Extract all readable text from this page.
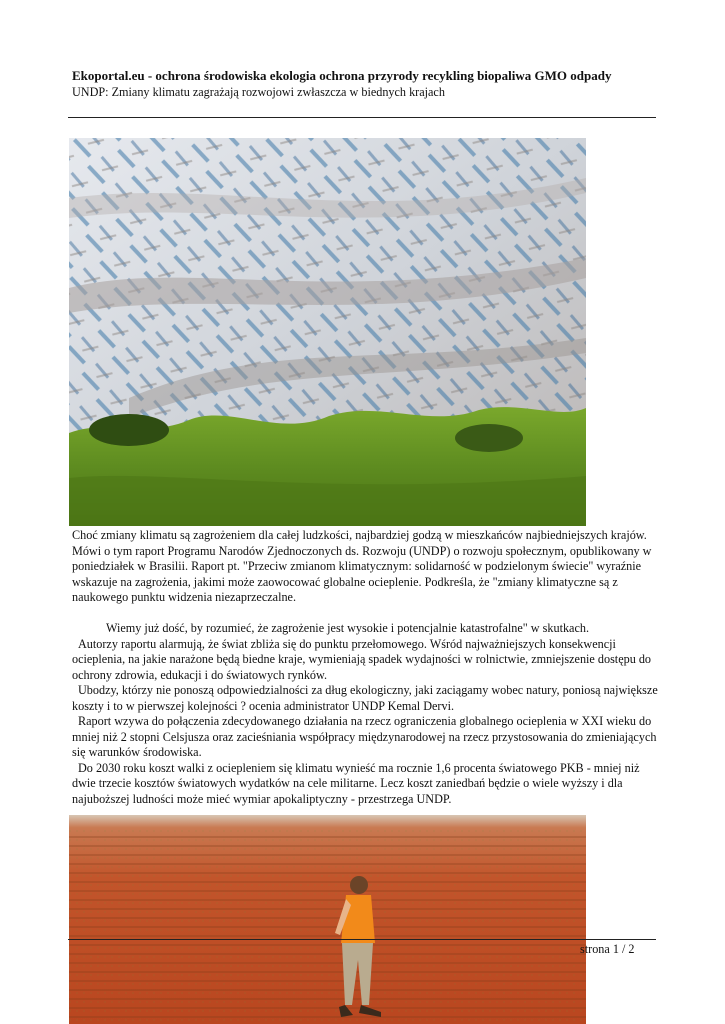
Ekoportal.eu - ochrona środowiska ekologia ochrona przyrody recykling biopaliwa GMO odpady
UNDP: Zmiany klimatu zagrażają rozwojowi zwłaszcza w biednych krajach

Choć zmiany klimatu są zagrożeniem dla całej ludzkości, najbardziej godzą w mieszkańców najbiedniejszych krajów. Mówi o tym raport Programu Narodów Zjednoczonych ds. Rozwoju (UNDP) o rozwoju społecznym, opublikowany w poniedziałek w Brasilii. Raport pt. "Przeciw zmianom klimatycznym: solidarność w podzielonym świecie" wyraźnie wskazuje na zagrożenia, jakimi może zaowocować globalne ocieplenie. Podkreśla, że "zmiany klimatyczne są z naukowego punktu widzenia niezaprzeczalne.

Wiemy już dość, by rozumieć, że zagrożenie jest wysokie i potencjalnie katastrofalne" w skutkach.

Autorzy raportu alarmują, że świat zbliża się do punktu przełomowego. Wśród najważniejszych konsekwencji ocieplenia, na jakie narażone będą biedne kraje, wymieniają spadek wydajności w rolnictwie, zmniejszenie dostępu do ochrony zdrowia, edukacji i do światowych rynków.

Ubodzy, którzy nie ponoszą odpowiedzialności za dług ekologiczny, jaki zaciągamy wobec natury, poniosą największe koszty i to w pierwszej kolejności ? ocenia administrator UNDP Kemal Dervi.

Raport wzywa do połączenia zdecydowanego działania na rzecz ograniczenia globalnego ocieplenia w XXI wieku do mniej niż 2 stopni Celsjusza oraz zacieśniania współpracy międzynarodowej na rzecz przystosowania do zmieniających się warunków środowiska.

Do 2030 roku koszt walki z ociepleniem się klimatu wynieść ma rocznie 1,6 procenta światowego PKB - mniej niż dwie trzecie kosztów światowych wydatków na cele militarne. Lecz koszt zaniedbań będzie o wiele wyższy i dla najuboższej ludności może mieć wymiar apokaliptyczny - przestrzega UNDP.

strona 1 / 2
